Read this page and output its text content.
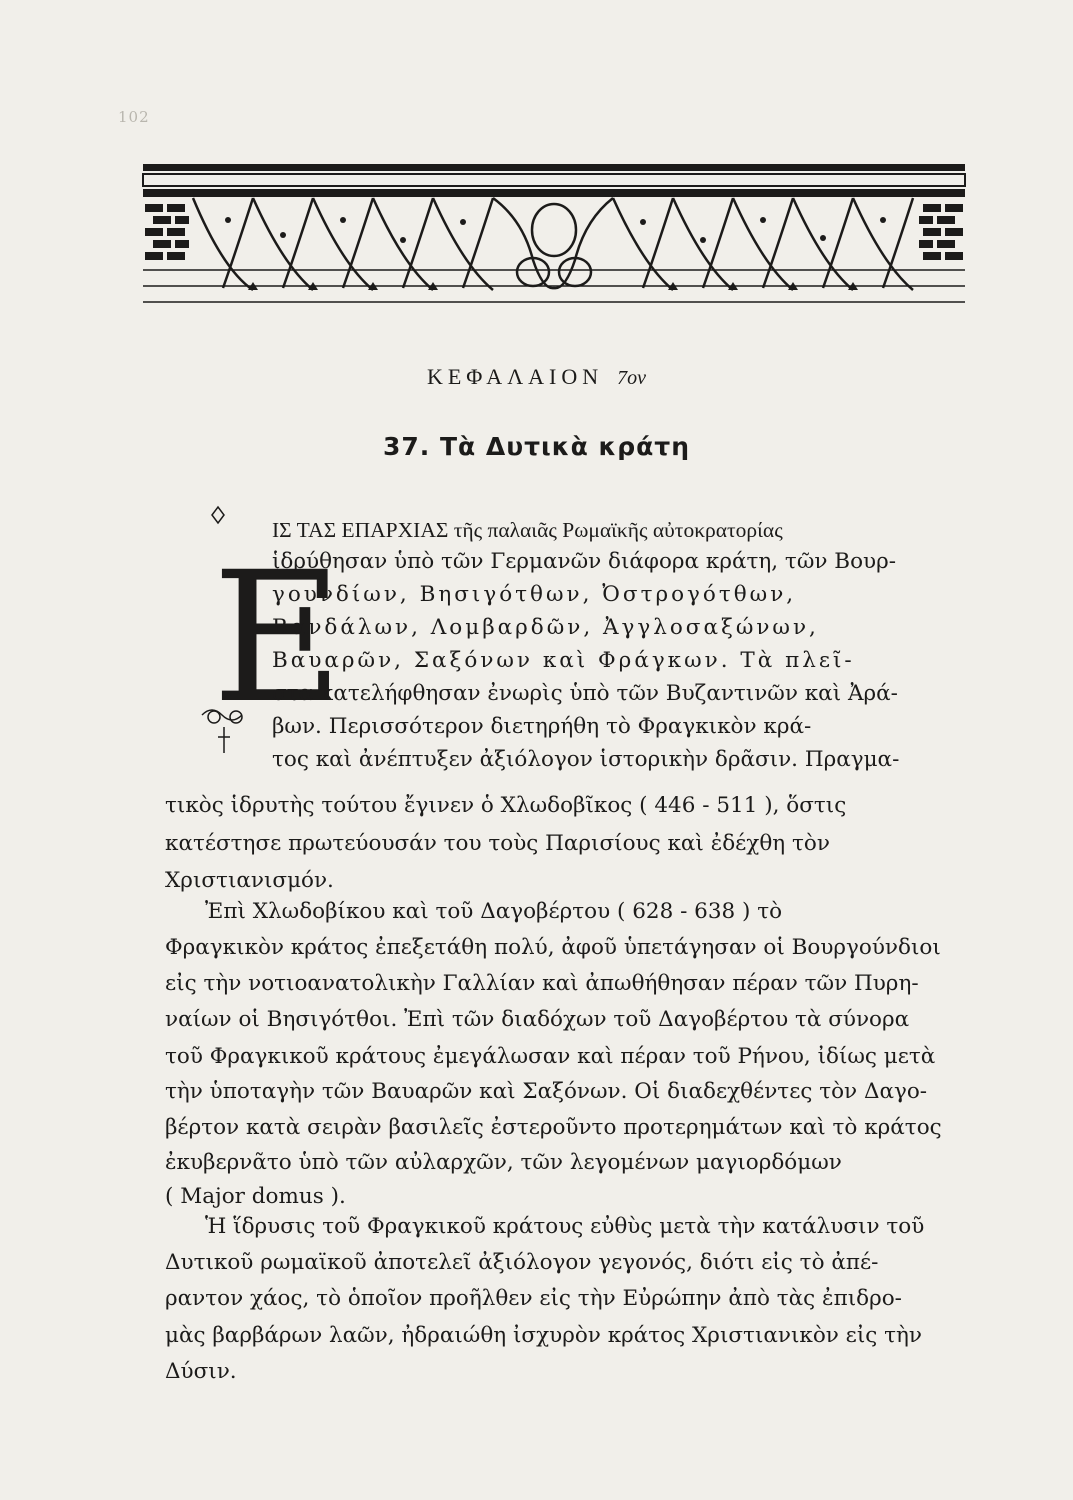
102
ΚΕΦΑΛΑΙΟΝ 7ον
37. Τὰ Δυτικὰ κράτη
Ε
ΙΣ ΤΑΣ ΕΠΑΡΧΙΑΣ τῆς παλαιᾶς Ρωμαϊκῆς αὐτοκρατορίας
ἱδρύθησαν ὑπὸ τῶν Γερμανῶν διάφορα κράτη, τῶν Βουρ-
γουνδίων, Βησιγότθων, Ὀστρογότθων,
Βανδάλων, Λομβαρδῶν, Ἀγγλοσαξώνων,
Βαυαρῶν, Σαξόνων καὶ Φράγκων. Τὰ πλεῖ-
στα κατελήφθησαν ἐνωρὶς ὑπὸ τῶν Βυζαντινῶν καὶ Ἀρά-
βων. Περισσότερον διετηρήθη τὸ Φραγκικὸν κρά-
τος καὶ ἀνέπτυξεν ἀξιόλογον ἱστορικὴν δρᾶσιν. Πραγμα-
τικὸς ἱδρυτὴς τούτου ἔγινεν ὁ Χλωδοβῖκος ( 446 - 511 ), ὅστις
κατέστησε πρωτεύουσάν του τοὺς Παρισίους καὶ ἐδέχθη τὸν
Χριστιανισμόν.
Ἐπὶ Χλωδοβίκου καὶ τοῦ Δαγοβέρτου ( 628 - 638 ) τὸ
Φραγκικὸν κράτος ἐπεξετάθη πολύ, ἀφοῦ ὑπετάγησαν οἱ Βουργούνδιοι
εἰς τὴν νοτιοανατολικὴν Γαλλίαν καὶ ἀπωθήθησαν πέραν τῶν Πυρη-
ναίων οἱ Βησιγότθοι. Ἐπὶ τῶν διαδόχων τοῦ Δαγοβέρτου τὰ σύνορα
τοῦ Φραγκικοῦ κράτους ἐμεγάλωσαν καὶ πέραν τοῦ Ρήνου, ἰδίως μετὰ
τὴν ὑποταγὴν τῶν Βαυαρῶν καὶ Σαξόνων. Οἱ διαδεχθέντες τὸν Δαγο-
βέρτον κατὰ σειρὰν βασιλεῖς ἐστεροῦντο προτερημάτων καὶ τὸ κράτος
ἐκυβερνᾶτο ὑπὸ τῶν αὐλαρχῶν, τῶν λεγομένων μαγιορδόμων
( Major domus ).
Ἡ ἵδρυσις τοῦ Φραγκικοῦ κράτους εὐθὺς μετὰ τὴν κατάλυσιν τοῦ
Δυτικοῦ ρωμαϊκοῦ ἀποτελεῖ ἀξιόλογον γεγονός, διότι εἰς τὸ ἀπέ-
ραντον χάος, τὸ ὁποῖον προῆλθεν εἰς τὴν Εὐρώπην ἀπὸ τὰς ἐπιδρο-
μὰς βαρβάρων λαῶν, ἠδραιώθη ἰσχυρὸν κράτος Χριστιανικὸν εἰς τὴν
Δύσιν.
